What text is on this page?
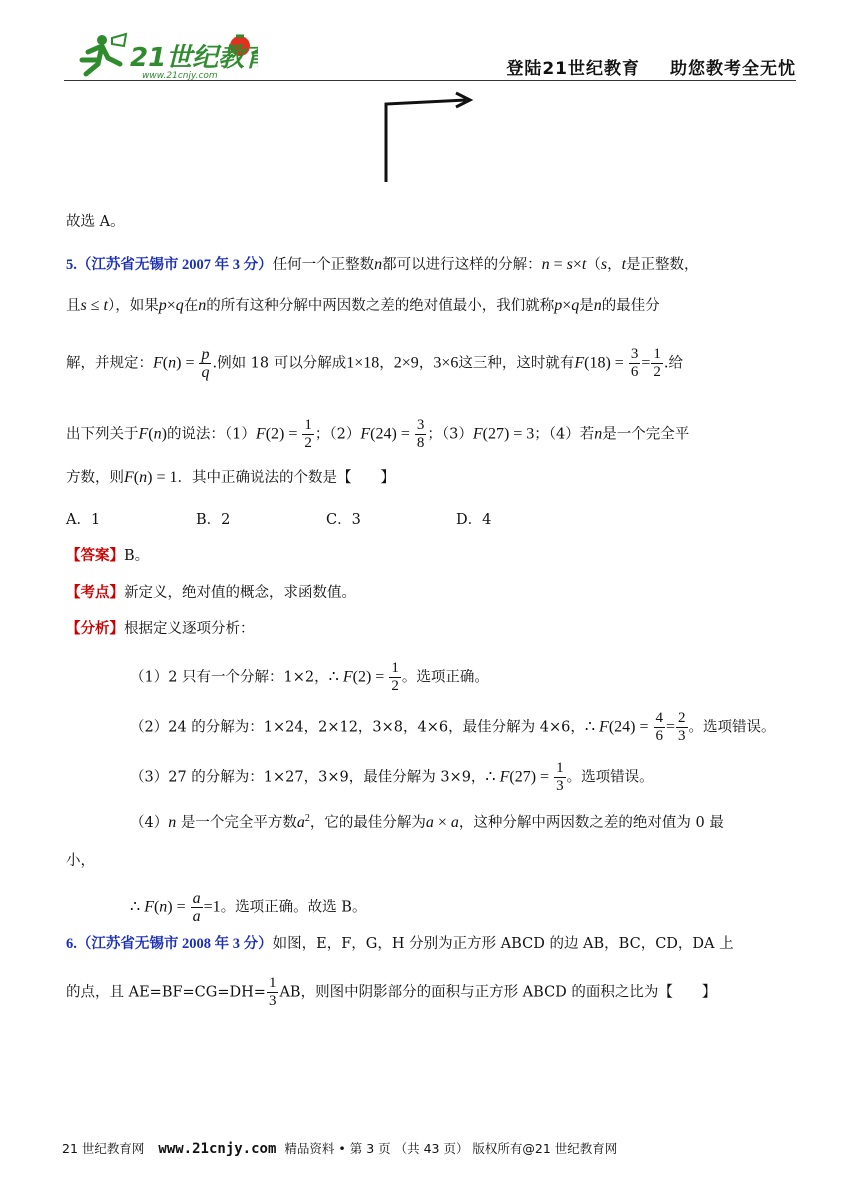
21世纪教育
www.21cnjy.com	登陆21世纪教育 助您教考全无忧
故选 A。
5.（江苏省无锡市 2007 年 3 分）任何一个正整数n都可以进行这样的分解：n = s×t（s，t是正整数，
且s ≤ t），如果p×q在n的所有这种分解中两因数之差的绝对值最小，我们就称p×q是n的最佳分
解，并规定：$F(n) = \frac{p}{q}$ .例如 18 可以分解成1×18，2×9，3×6这三种，这时就有$F(18) = \frac{3}{6} = \frac{1}{2}$ .给
出下列关于F(n)的说法：$(1)F(2) = \frac{1}{2}$ ；$(2)F(24) = \frac{3}{8}$ ；（3）F(27) = 3；（4）若n是一个完全平
方数，则F(n) = 1．其中正确说法的个数是【　　】
A．1	B．2	C．3	D．4
【答案】B。
【考点】新定义，绝对值的概念，求函数值。
【分析】根据定义逐项分析：
（1）2 只有一个分解：1×2，∴ $F(2) = \frac{1}{2}$ 。选项正确。
（2）24 的分解为：1×24，2×12，3×8，4×6，最佳分解为 4×6，∴ $F(24) = \frac{4}{6} = \frac{2}{3}$ 。选项错误。
（3）27 的分解为：1×27，3×9，最佳分解为 3×9，∴ $F(27) = \frac{1}{3}$ 。选项错误。
（4）n 是一个完全平方数$a^2$，它的最佳分解为a × a，这种分解中两因数之差的绝对值为 0 最
小，
∴ $F(n) = \frac{a}{a} =1$。选项正确。故选 B。
6.（江苏省无锡市 2008 年 3 分）如图，E，F，G，H 分别为正方形 ABCD 的边 AB，BC，CD，DA 上
的点，且 $AE=BF=CG=DH= \frac{1}{3}$ AB，则图中阴影部分的面积与正方形 ABCD 的面积之比为【　　】
21 世纪教育网 www.21cnjy.com 精品资料 • 第 3 页 （共 43 页） 版权所有@21 世纪教育网
